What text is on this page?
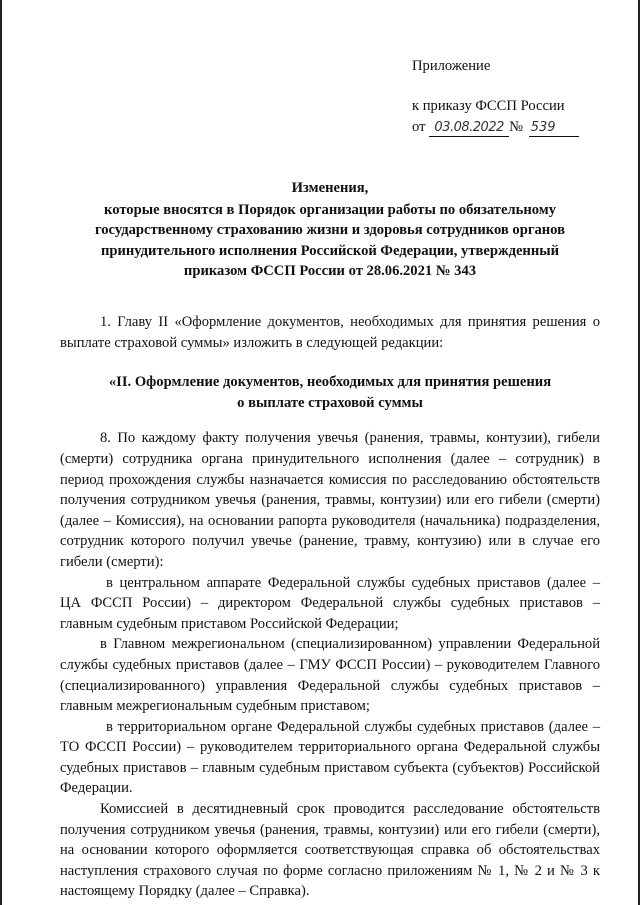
Приложение
к приказу ФССП России
от 03.08.2022 № 539
Изменения,
которые вносятся в Порядок организации работы по обязательному
государственному страхованию жизни и здоровья сотрудников органов
принудительного исполнения Российской Федерации, утвержденный
приказом ФССП России от 28.06.2021 № 343

1. Главу II «Оформление документов, необходимых для принятия решения о выплате страховой суммы» изложить в следующей редакции:

«II. Оформление документов, необходимых для принятия решения
о выплате страховой суммы

8. По каждому факту получения увечья (ранения, травмы, контузии), гибели (смерти) сотрудника органа принудительного исполнения (далее – сотрудник) в период прохождения службы назначается комиссия по расследованию обстоятельств получения сотрудником увечья (ранения, травмы, контузии) или его гибели (смерти) (далее – Комиссия), на основании рапорта руководителя (начальника) подразделения, сотрудник которого получил увечье (ранение, травму, контузию) или в случае его гибели (смерти):

в центральном аппарате Федеральной службы судебных приставов (далее – ЦА ФССП России) – директором Федеральной службы судебных приставов – главным судебным приставом Российской Федерации;

в Главном межрегиональном (специализированном) управлении Федеральной службы судебных приставов (далее – ГМУ ФССП России) – руководителем Главного (специализированного) управления Федеральной службы судебных приставов – главным межрегиональным судебным приставом;

в территориальном органе Федеральной службы судебных приставов (далее – ТО ФССП России) – руководителем территориального органа Федеральной службы судебных приставов – главным судебным приставом субъекта (субъектов) Российской Федерации.

Комиссией в десятидневный срок проводится расследование обстоятельств получения сотрудником увечья (ранения, травмы, контузии) или его гибели (смерти), на основании которого оформляется соответствующая справка об обстоятельствах наступления страхового случая по форме согласно приложениям № 1, № 2 и № 3 к настоящему Порядку (далее – Справка).
